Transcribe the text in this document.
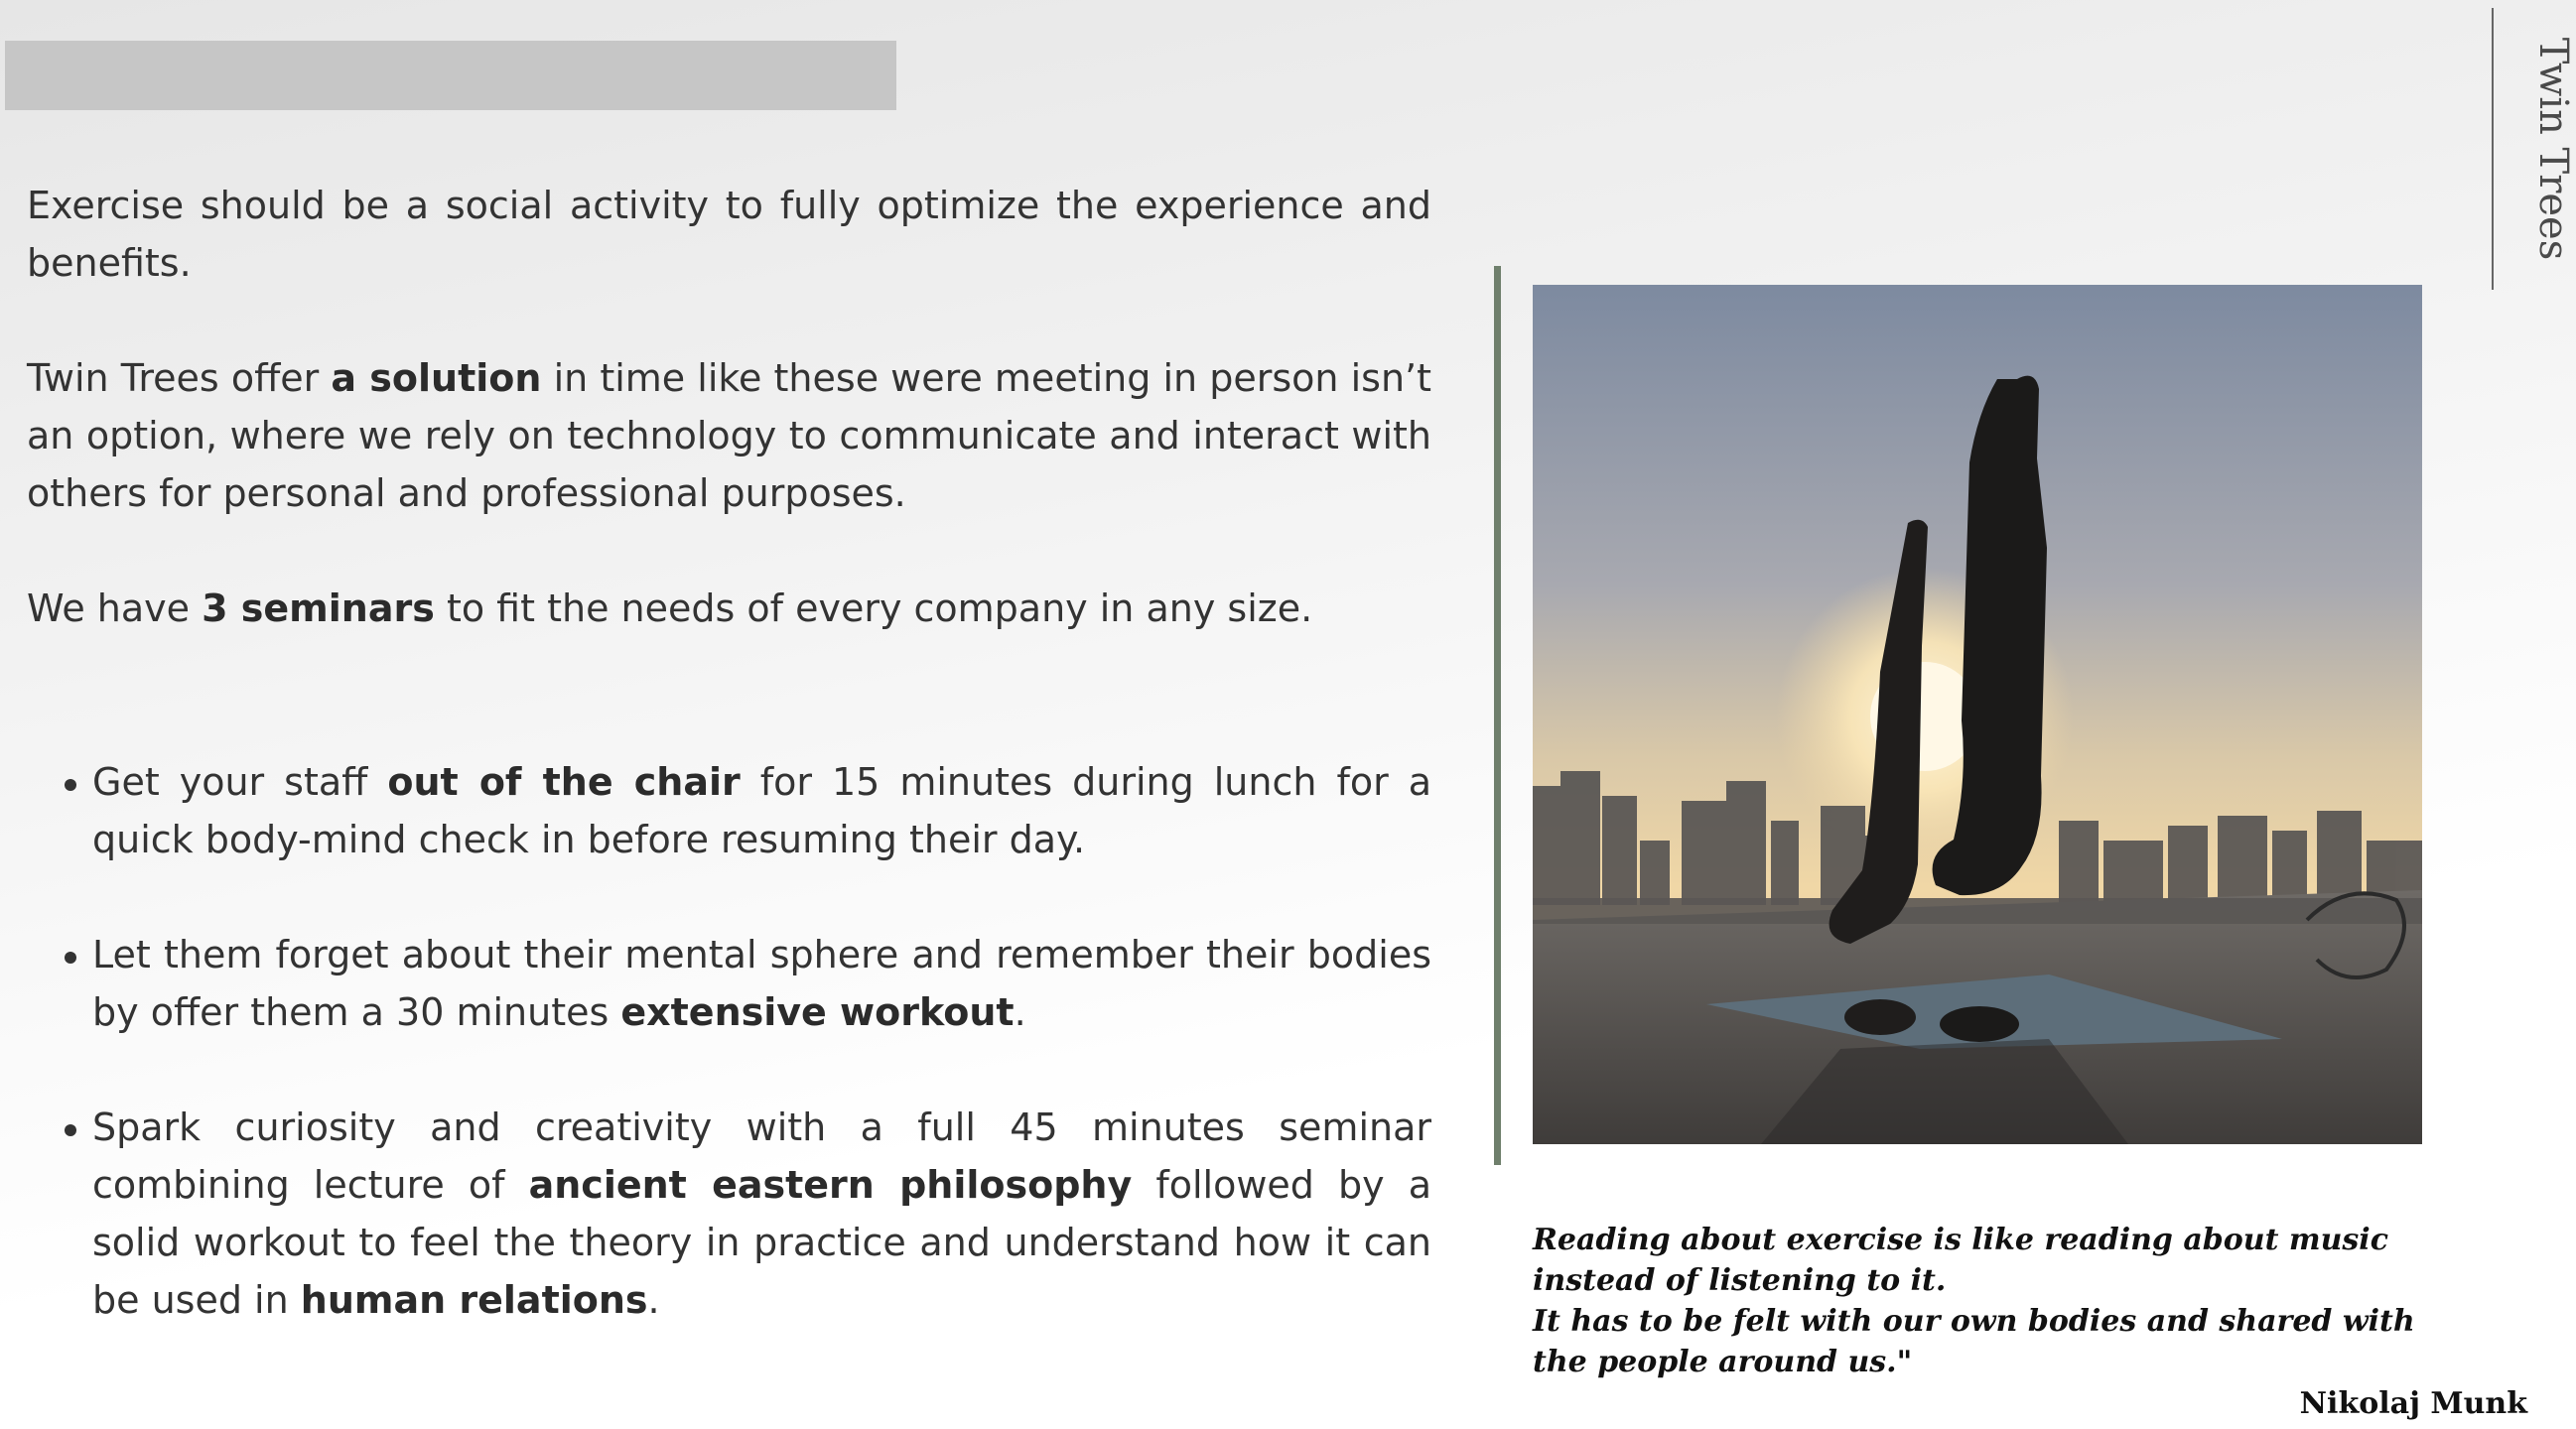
Exercise should be a social activity to fully optimize the experience and benefits.

Twin Trees offer a solution in time like these were meeting in person isn’t an option, where we rely on technology to communicate and interact with others for personal and professional purposes.

We have 3 seminars to fit the needs of every company in any size.

Get your staff out of the chair for 15 minutes during lunch for a quick body-mind check in before resuming their day.
Let them forget about their mental sphere and remember their bodies by offer them a 30 minutes extensive workout.
Spark curiosity and creativity with a full 45 minutes seminar combining lecture of ancient eastern philosophy followed by a solid workout to feel the theory in practice and understand how it can be used in human relations.

Reading about exercise is like reading about music instead of listening to it.

It has to be felt with our own bodies and shared with the people around us."

Nikolaj Munk
Twin Trees
